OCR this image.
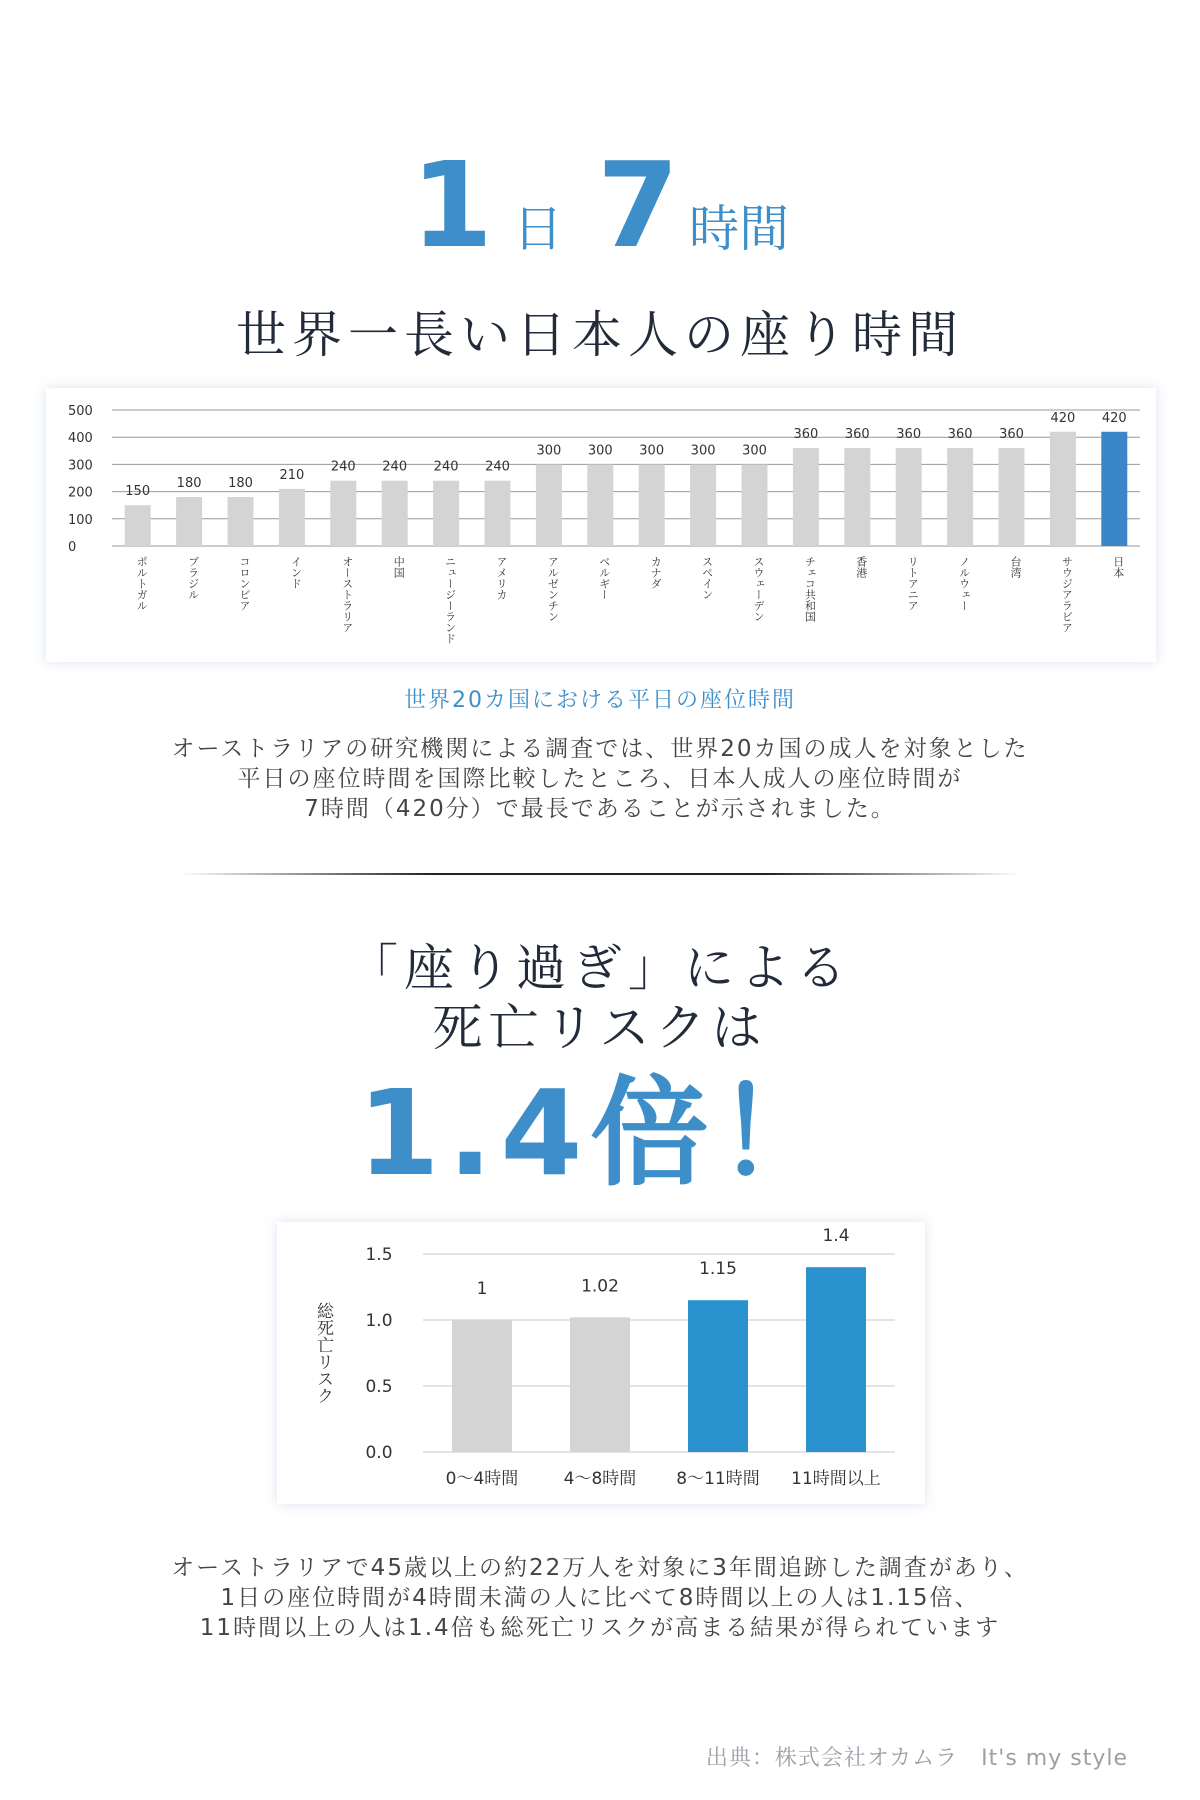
1 日 7 時間
世界一長い日本人の座り時間
0
100
200
300
400
500
150
ポルトガル
180
ブラジル
180
コロンビア
210
インド
240
オーストラリア
240
中国
240
ニュージーランド
240
アメリカ
300
アルゼンチン
300
ベルギー
300
カナダ
300
スペイン
300
スウェーデン
360
チェコ共和国
360
香港
360
リトアニア
360
ノルウェー
360
台湾
420
サウジアラビア
420
日本
世界20カ国における平日の座位時間
オーストラリアの研究機関による調査では、世界20カ国の成人を対象とした
平日の座位時間を国際比較したところ、日本人成人の座位時間が
7時間（420分）で最長であることが示されました。
「座り過ぎ」による
死亡リスクは
1.4倍！
0.0
0.5
1.0
1.5
総死亡リスク
1
0〜4時間
1.02
4〜8時間
1.15
8〜11時間
1.4
11時間以上
オーストラリアで45歳以上の約22万人を対象に3年間追跡した調査があり、
1日の座位時間が4時間未満の人に比べて8時間以上の人は1.15倍、
11時間以上の人は1.4倍も総死亡リスクが高まる結果が得られています
出典：株式会社オカムラ　It's my style
